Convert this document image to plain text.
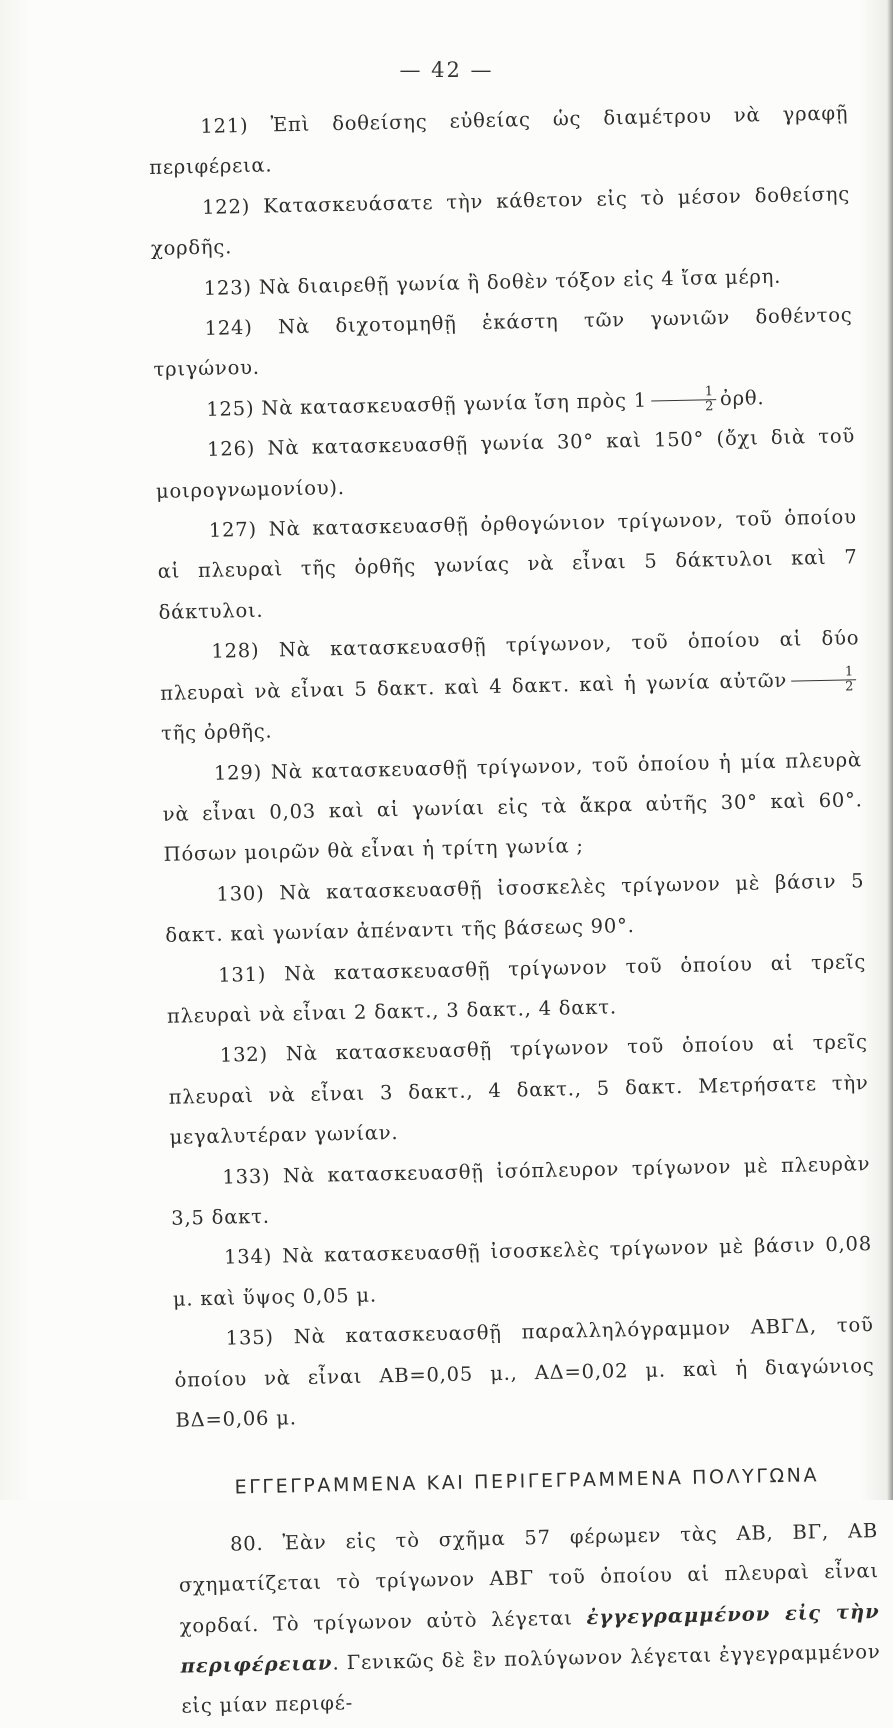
— 42 —

121) Ἐπὶ δοθείσης εὐθείας ὡς διαμέτρου νὰ γραφῇ περιφέρεια.

122) Κατασκευάσατε τὴν κάθετον εἰς τὸ μέσον δοθείσης χορδῆς.

123) Νὰ διαιρεθῇ γωνία ἢ δοθὲν τόξον εἰς 4 ἴσα μέρη.

124) Νὰ διχοτομηθῇ ἑκάστη τῶν γωνιῶν δοθέντος τριγώνου.

125) Νὰ κατασκευασθῇ γωνία ἴση πρὸς $1 \frac{1}{2}$ ὀρθ.

126) Νὰ κατασκευασθῇ γωνία 30° καὶ 150° (ὄχι διὰ τοῦ μοιρογνωμονίου).

127) Νὰ κατασκευασθῇ ὀρθογώνιον τρίγωνον, τοῦ ὁποίου αἱ πλευραὶ τῆς ὀρθῆς γωνίας νὰ εἶναι 5 δάκτυλοι καὶ 7 δάκτυλοι.

128) Νὰ κατασκευασθῇ τρίγωνον, τοῦ ὁποίου αἱ δύο πλευραὶ νὰ εἶναι 5 δακτ. καὶ 4 δακτ. καὶ ἡ γωνία αὐτῶν $\frac{1}{2}$
τῆς ὀρθῆς.

129) Νὰ κατασκευασθῇ τρίγωνον, τοῦ ὁποίου ἡ μία πλευρὰ νὰ εἶναι 0,03 καὶ αἱ γωνίαι εἰς τὰ ἄκρα αὐτῆς 30° καὶ 60°. Πόσων μοιρῶν θὰ εἶναι ἡ τρίτη γωνία ;

130) Νὰ κατασκευασθῇ ἰσοσκελὲς τρίγωνον μὲ βάσιν 5 δακτ. καὶ γωνίαν ἀπέναντι τῆς βάσεως 90°.

131) Νὰ κατασκευασθῇ τρίγωνον τοῦ ὁποίου αἱ τρεῖς πλευραὶ νὰ εἶναι 2 δακτ., 3 δακτ., 4 δακτ.

132) Νὰ κατασκευασθῇ τρίγωνον τοῦ ὁποίου αἱ τρεῖς πλευραὶ νὰ εἶναι 3 δακτ., 4 δακτ., 5 δακτ. Μετρήσατε τὴν μεγαλυτέραν γωνίαν.

133) Νὰ κατασκευασθῇ ἰσόπλευρον τρίγωνον μὲ πλευρὰν 3,5 δακτ.

134) Νὰ κατασκευασθῇ ἰσοσκελὲς τρίγωνον μὲ βάσιν 0,08 μ. καὶ ὕψος 0,05 μ.

135) Νὰ κατασκευασθῇ παραλληλόγραμμον ΑΒΓΔ, τοῦ ὁποίου νὰ εἶναι ΑΒ=0,05 μ., ΑΔ=0,02 μ. καὶ ἡ διαγώνιος ΒΔ=0,06 μ.

ΕΓΓΕΓΡΑΜΜΕΝΑ ΚΑΙ ΠΕΡΙΓΕΓΡΑΜΜΕΝΑ ΠΟΛΥΓΩΝΑ

80. Ἐὰν εἰς τὸ σχῆμα 57 φέρωμεν τὰς ΑΒ, ΒΓ, ΑΒ σχηματίζεται τὸ τρίγωνον ΑΒΓ τοῦ ὁποίου αἱ πλευραὶ εἶναι χορδαί. Τὸ τρίγωνον αὐτὸ λέγεται ἐγγεγραμμένον εἰς τὴν περιφέρειαν. Γενικῶς δὲ ἓν πολύγωνον λέγεται ἐγγεγραμμένον εἰς μίαν περιφέ-
